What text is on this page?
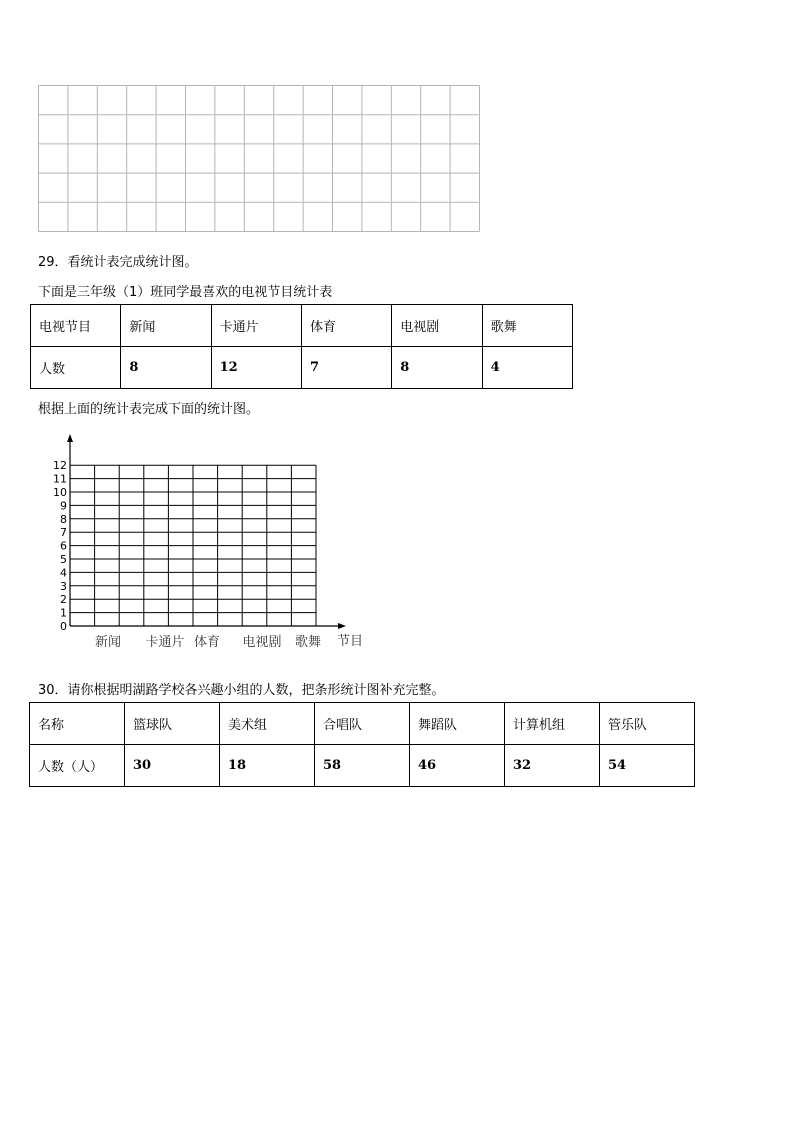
29．看统计表完成统计图。
下面是三年级（1）班同学最喜欢的电视节目统计表
电视节目	新闻	卡通片	体育	电视剧	歌舞
人数	8	12	7	8	4
根据上面的统计表完成下面的统计图。
0
1
2
3
4
5
6
7
8
9
10
11
12
新闻 卡通片 体育 电视剧 歌舞 节目
30．请你根据明湖路学校各兴趣小组的人数，把条形统计图补充完整。
名称	篮球队	美术组	合唱队	舞蹈队	计算机组	管乐队
人数（人）	30	18	58	46	32	54
